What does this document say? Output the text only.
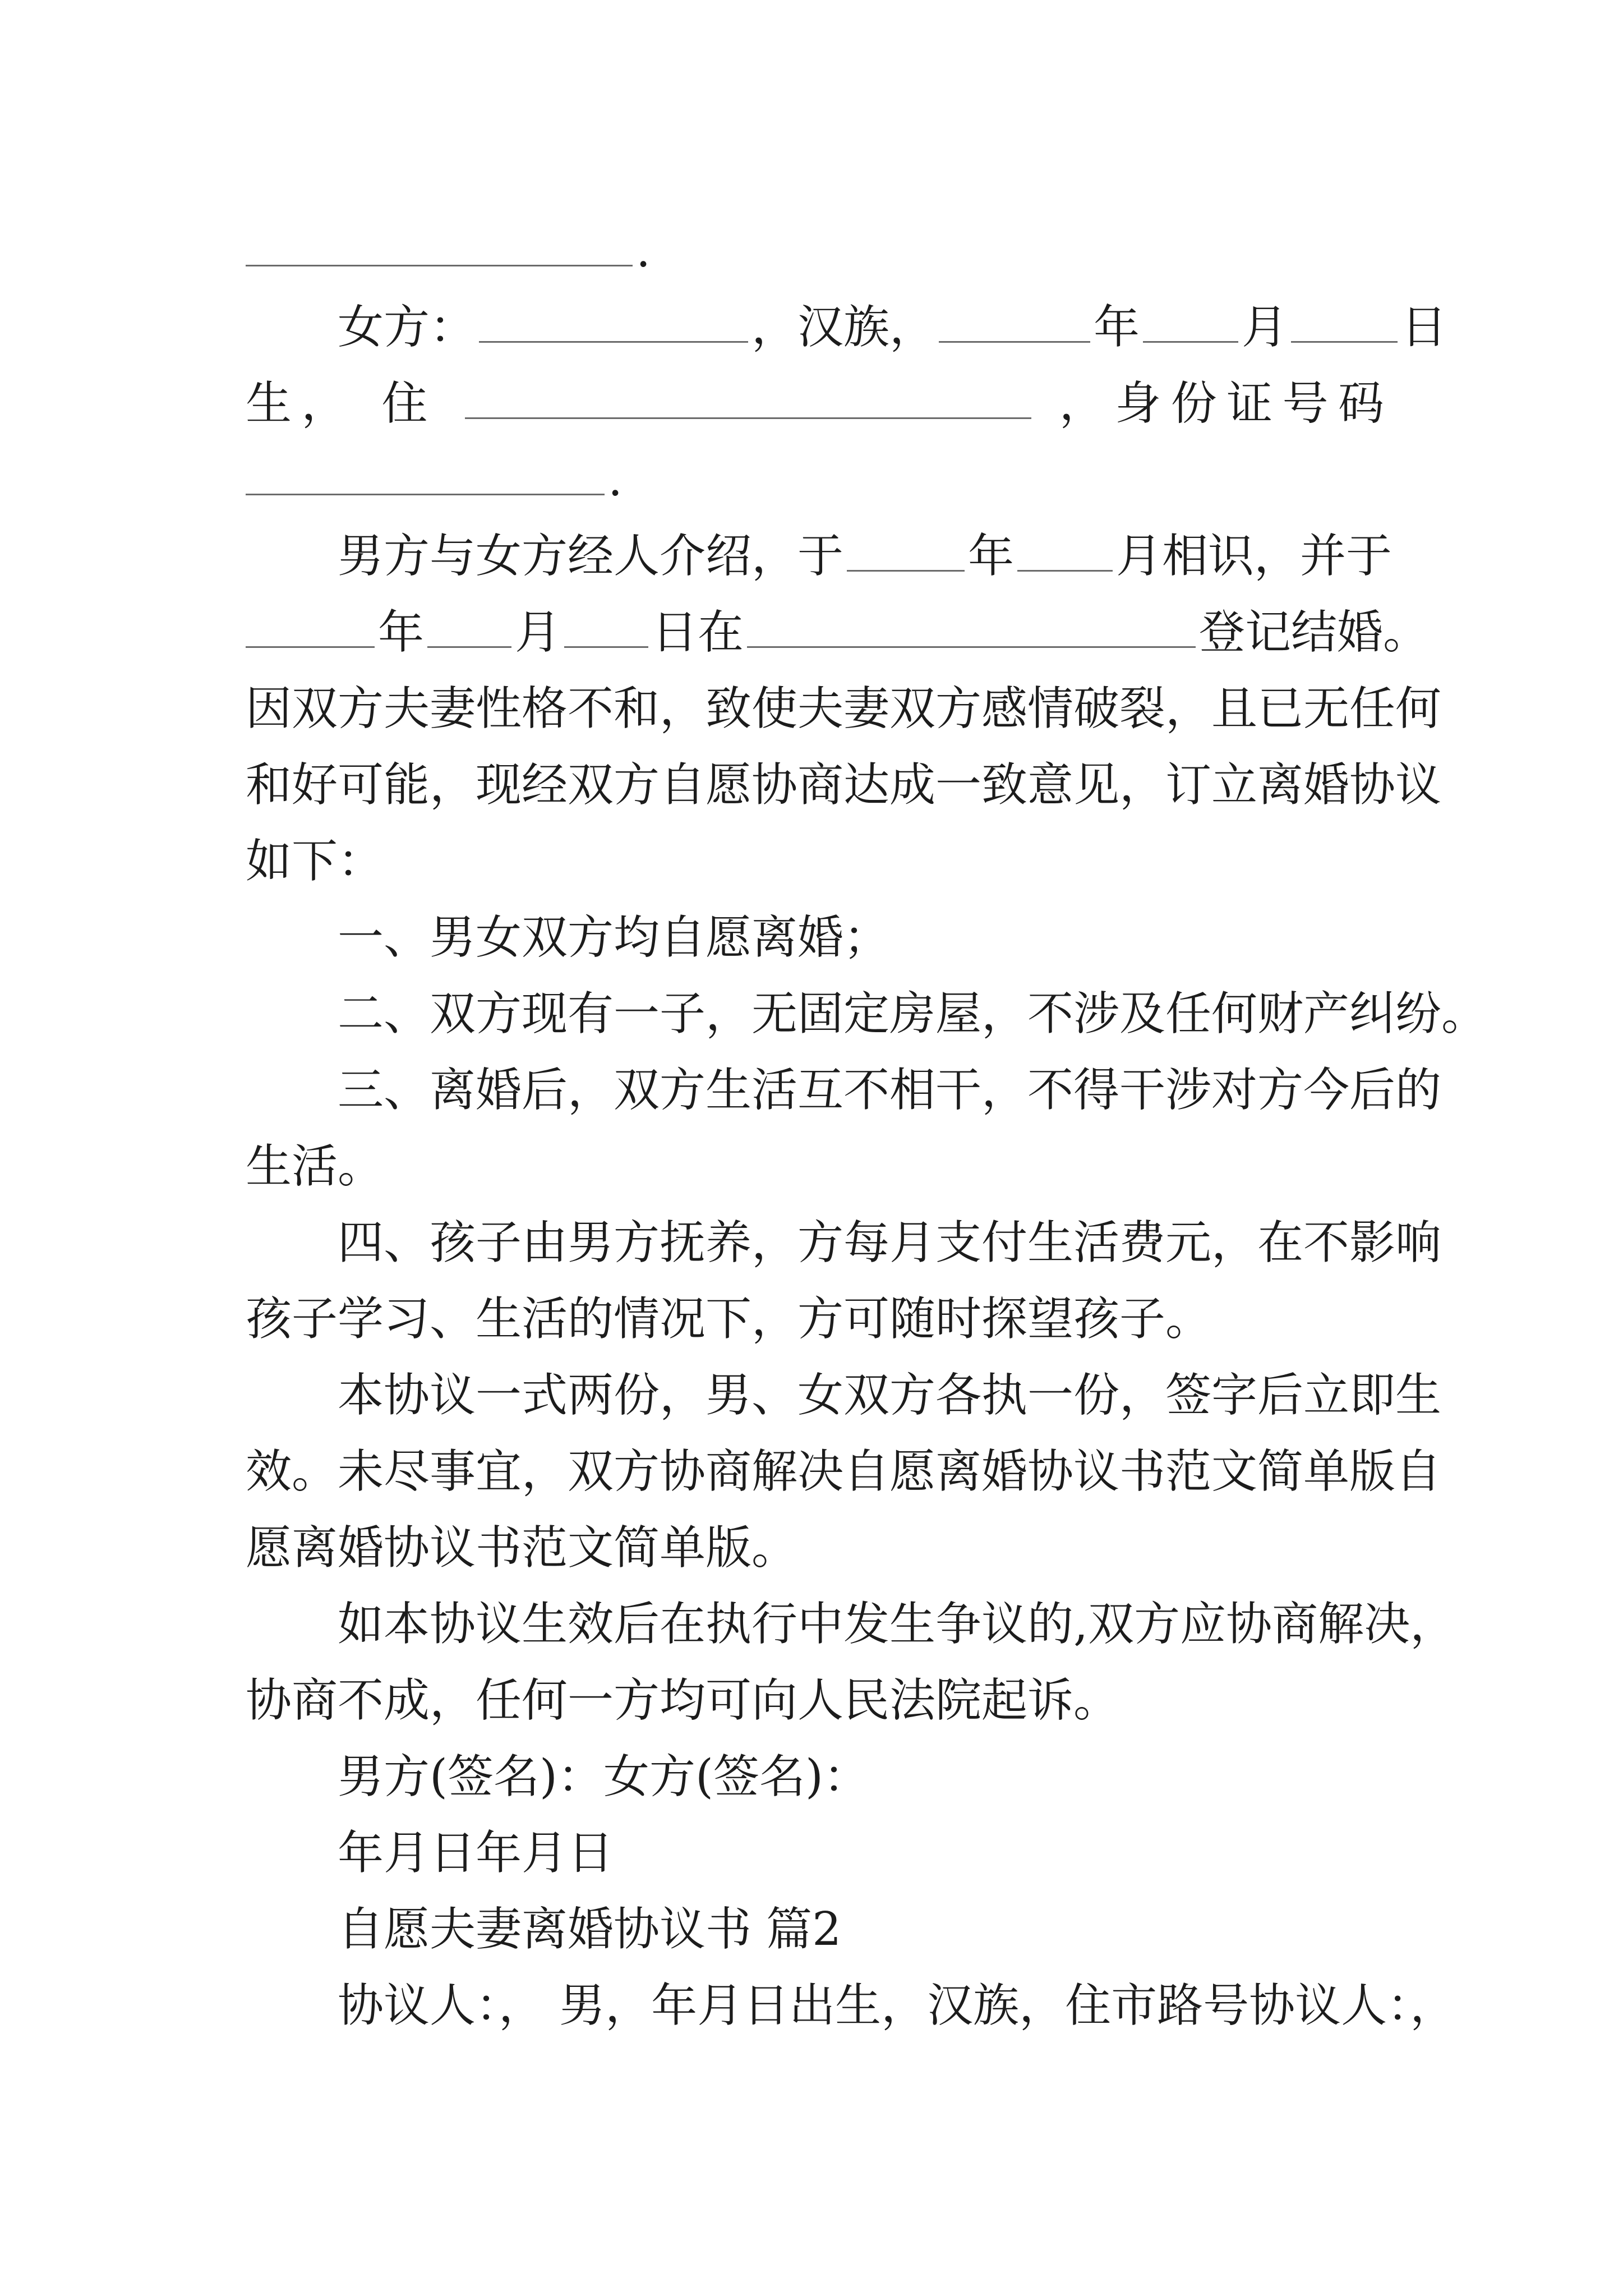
.
女方：	，汉族，	年 月 日
生， 住	，身份证号码
.
男方与女方经人介绍，于	年 月相识，并于
年 月 日在	登记结婚。
因双方夫妻性格不和，致使夫妻双方感情破裂，且已无任何
和好可能，现经双方自愿协商达成一致意见，订立离婚协议
如下：
一、男女双方均自愿离婚；
二、双方现有一子，无固定房屋，不涉及任何财产纠纷。
三、离婚后，双方生活互不相干，不得干涉对方今后的
生活。
四、孩子由男方抚养，方每月支付生活费元，在不影响
孩子学习、生活的情况下，方可随时探望孩子。
本协议一式两份，男、女双方各执一份，签字后立即生
效。未尽事宜，双方协商解决自愿离婚协议书范文简单版自
愿离婚协议书范文简单版。
如本协议生效后在执行中发生争议的,双方应协商解决，
协商不成，任何一方均可向人民法院起诉。
男方(签名)：女方(签名)：
年月日年月日
自愿夫妻离婚协议书 篇2
协议人：， 男，年月日出生，汉族，住市路号协议人：，
